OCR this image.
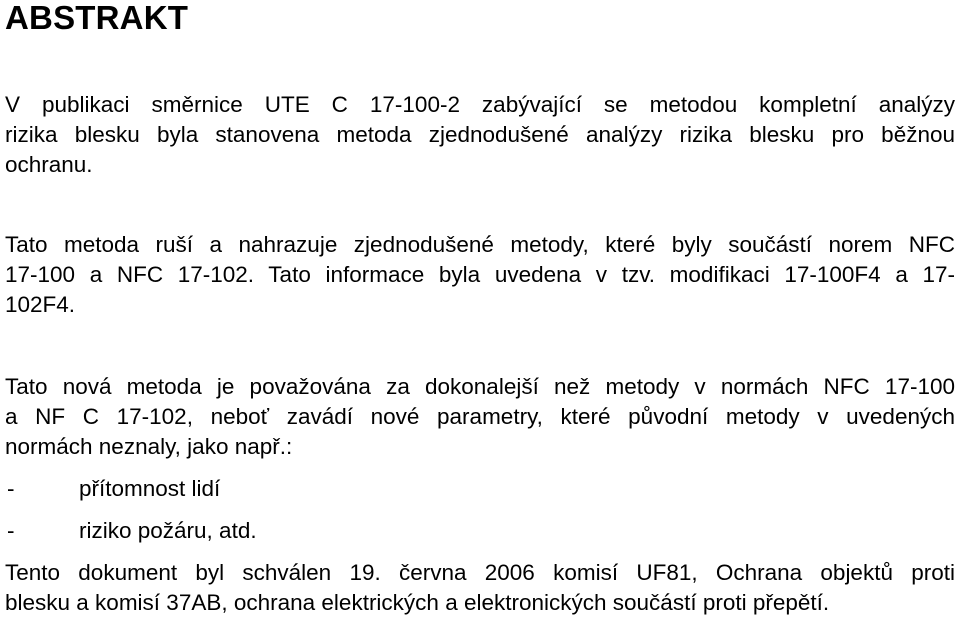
ABSTRAKT

V publikaci směrnice UTE C 17-100-2 zabývající se metodou kompletní analýzy
rizika blesku byla stanovena metoda zjednodušené analýzy rizika blesku pro běžnou
ochranu.

Tato metoda ruší a nahrazuje zjednodušené metody, které byly součástí norem NFC
17-100 a NFC 17-102. Tato informace byla uvedena v tzv. modifikaci 17-100F4 a 17-
102F4.

Tato nová metoda je považována za dokonalejší než metody v normách NFC 17-100
a NF C 17-102, neboť zavádí nové parametry, které původní metody v uvedených
normách neznaly, jako např.:

-	přítomnost lidí
-	riziko požáru, atd.

Tento dokument byl schválen 19. června 2006 komisí UF81, Ochrana objektů proti
blesku a komisí 37AB, ochrana elektrických a elektronických součástí proti přepětí.
